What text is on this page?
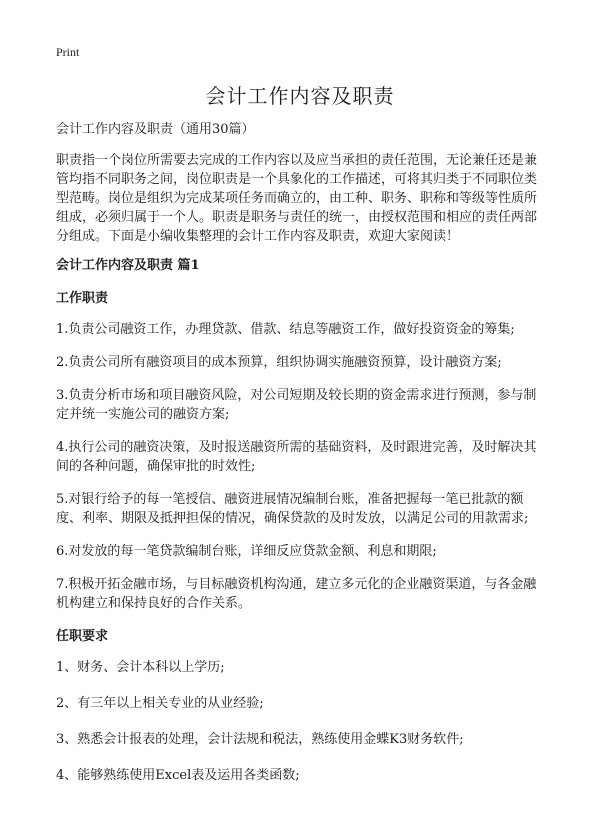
Print
会计工作内容及职责
会计工作内容及职责（通用30篇）
职责指一个岗位所需要去完成的工作内容以及应当承担的责任范围，无论兼任还是兼管均指不同职务之间，岗位职责是一个具象化的工作描述，可将其归类于不同职位类型范畴。岗位是组织为完成某项任务而确立的，由工种、职务、职称和等级等性质所组成，必须归属于一个人。职责是职务与责任的统一，由授权范围和相应的责任两部分组成。下面是小编收集整理的会计工作内容及职责，欢迎大家阅读！
会计工作内容及职责 篇1
工作职责
1.负责公司融资工作，办理贷款、借款、结息等融资工作，做好投资资金的筹集;
2.负责公司所有融资项目的成本预算，组织协调实施融资预算，设计融资方案;
3.负责分析市场和项目融资风险，对公司短期及较长期的资金需求进行预测，参与制定并统一实施公司的融资方案;
4.执行公司的融资决策，及时报送融资所需的基础资料，及时跟进完善，及时解决其间的各种问题，确保审批的时效性;
5.对银行给予的每一笔授信、融资进展情况编制台账，准备把握每一笔已批款的额度、利率、期限及抵押担保的情况，确保贷款的及时发放，以满足公司的用款需求;
6.对发放的每一笔贷款编制台账，详细反应贷款金额、利息和期限;
7.积极开拓金融市场，与目标融资机构沟通，建立多元化的企业融资渠道，与各金融机构建立和保持良好的合作关系。
任职要求
1、财务、会计本科以上学历;
2、有三年以上相关专业的从业经验;
3、熟悉会计报表的处理，会计法规和税法，熟练使用金蝶K3财务软件;
4、能够熟练使用Excel表及运用各类函数;
